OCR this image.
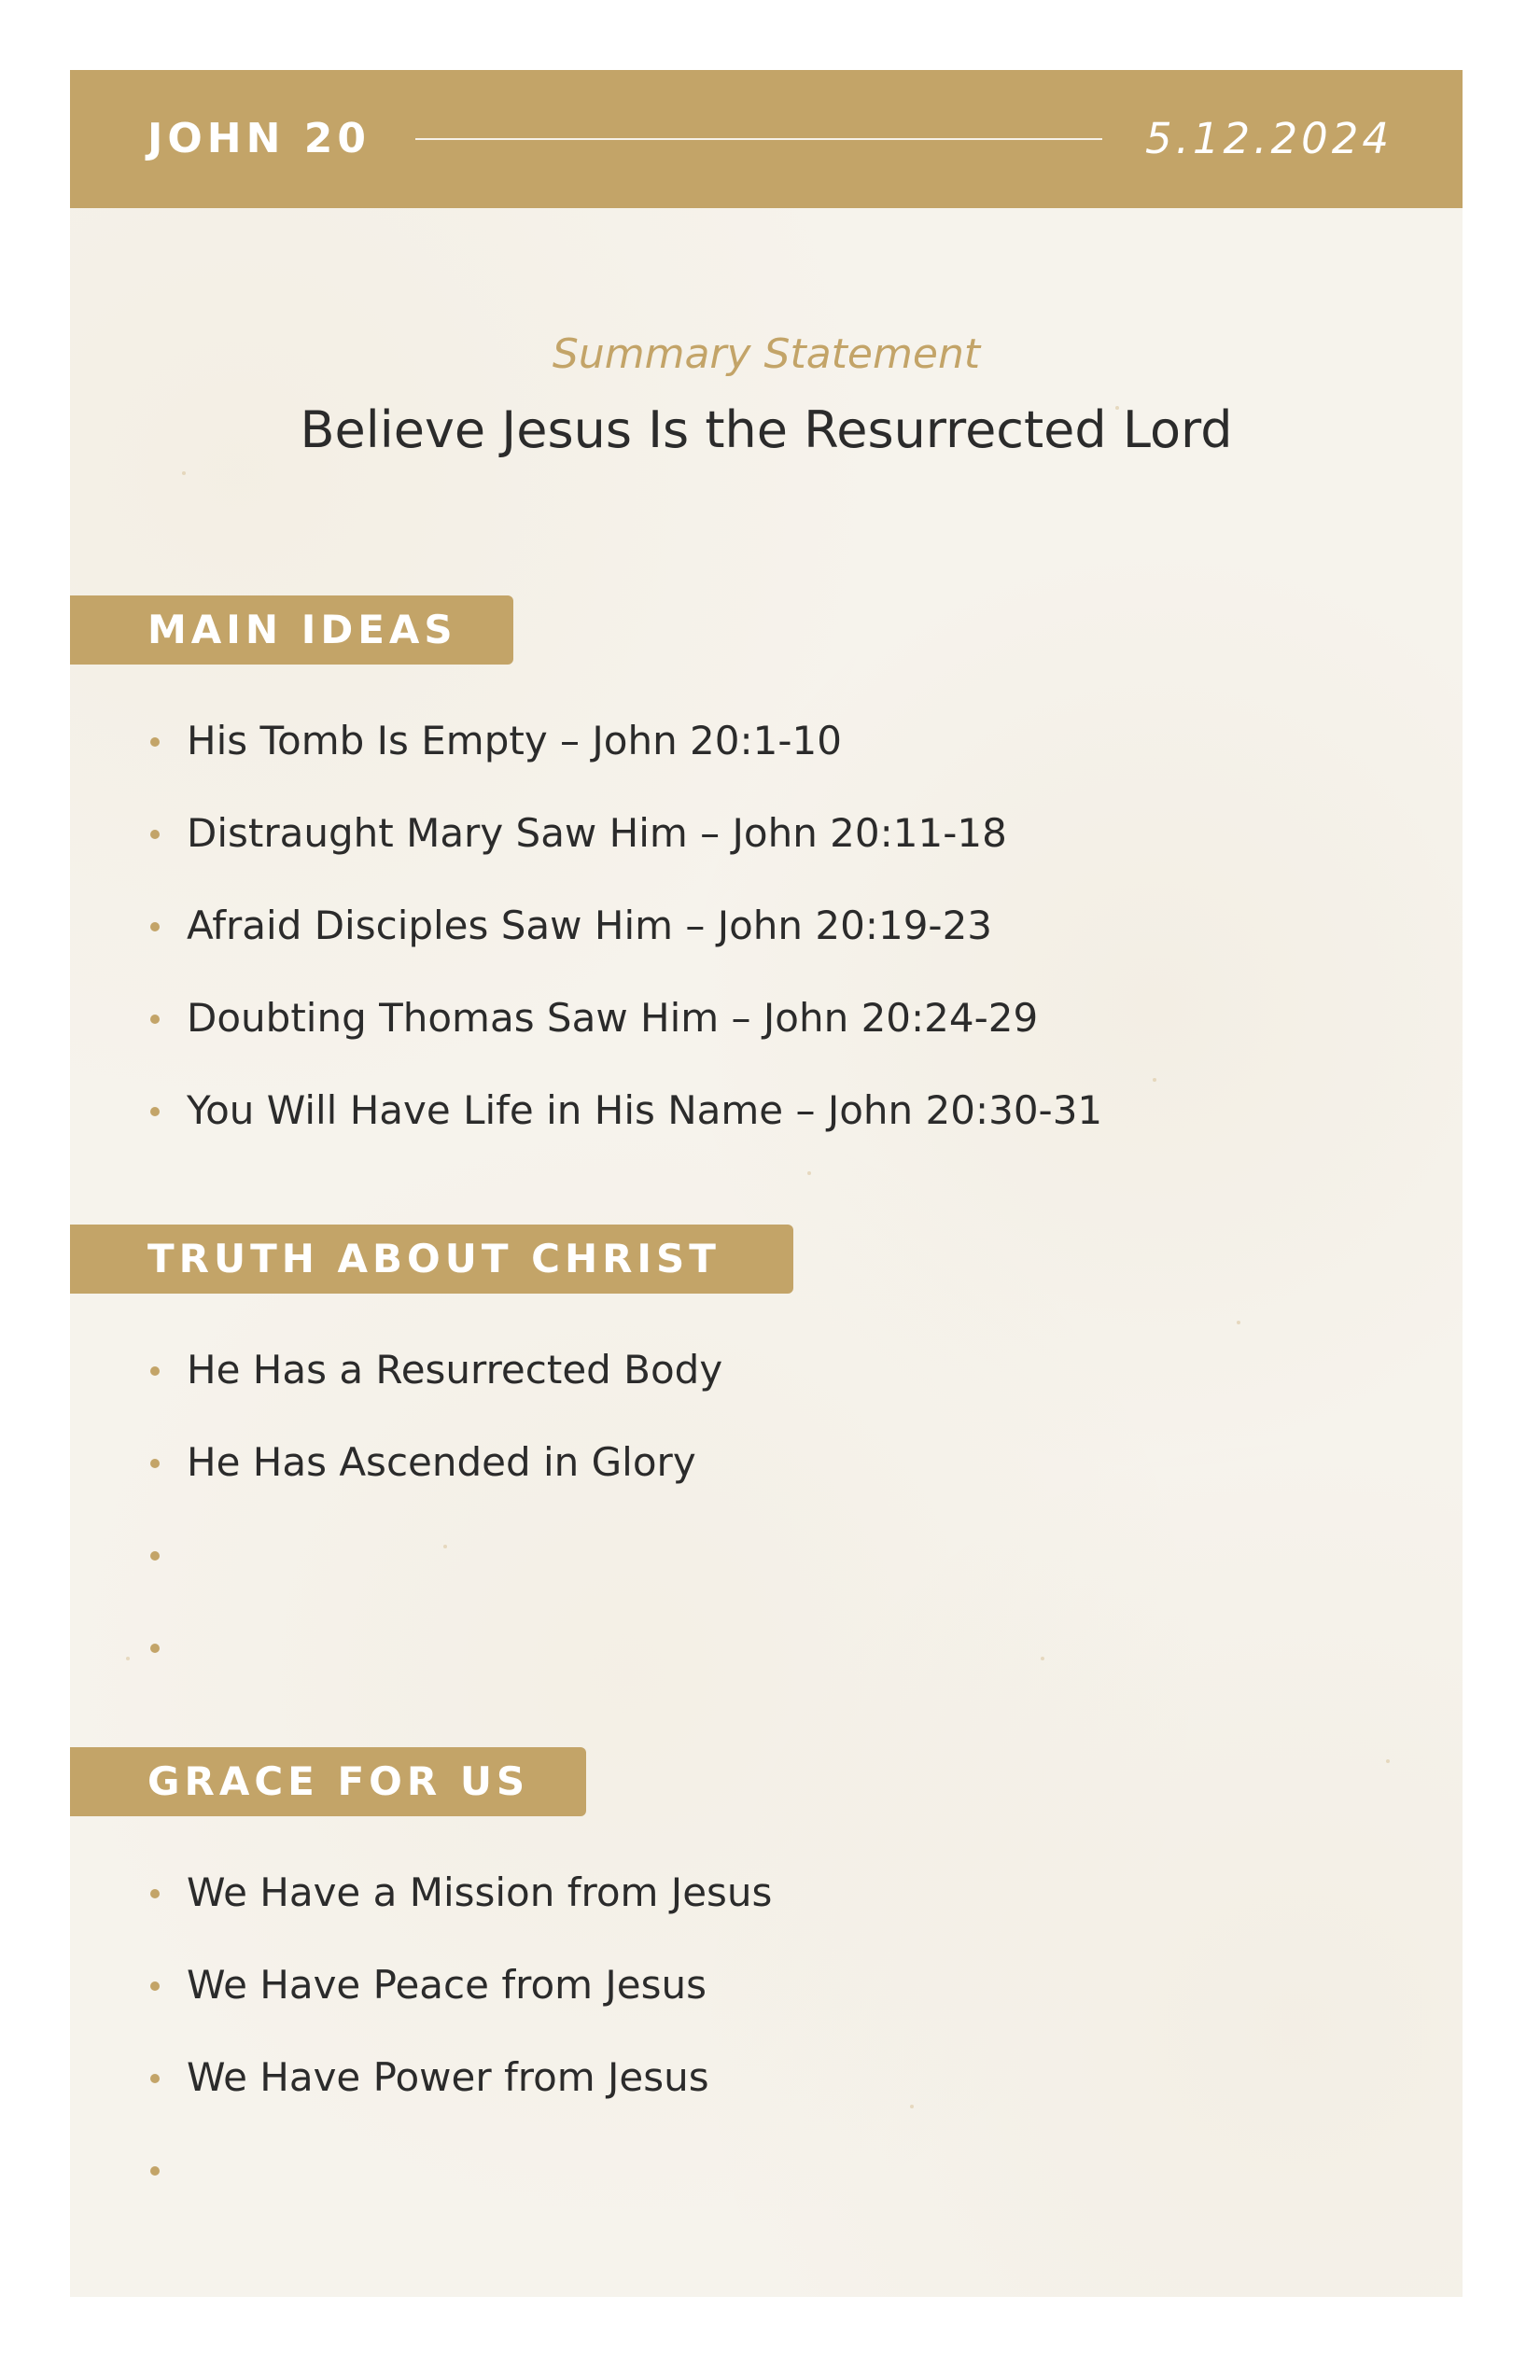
JOHN 20	5.12.2024
Summary Statement
Believe Jesus Is the Resurrected Lord
MAIN IDEAS
His Tomb Is Empty – John 20:1-10
Distraught Mary Saw Him – John 20:11-18
Afraid Disciples Saw Him – John 20:19-23
Doubting Thomas Saw Him – John 20:24-29
You Will Have Life in His Name – John 20:30-31
TRUTH ABOUT CHRIST
He Has a Resurrected Body
He Has Ascended in Glory
GRACE FOR US
We Have a Mission from Jesus
We Have Peace from Jesus
We Have Power from Jesus
